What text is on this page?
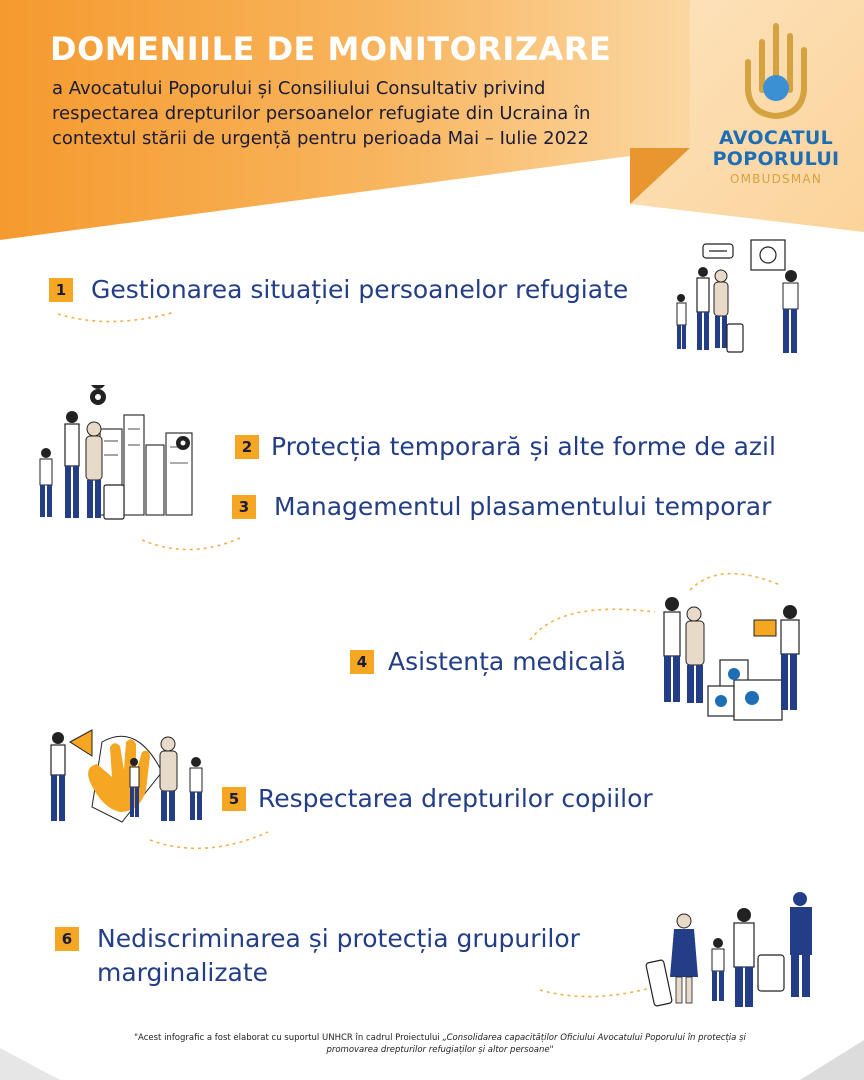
DOMENIILE DE MONITORIZARE
a Avocatului Poporului și Consiliului Consultativ privind respectarea drepturilor persoanelor refugiate din Ucraina în contextul stării de urgență pentru perioada Mai – Iulie 2022	AVOCATUL
POPORULUI
OMBUDSMAN
1 Gestionarea situației persoanelor refugiate
2 Protecția temporară și alte forme de azil
3 Managementul plasamentului temporar
4 Asistența medicală
5 Respectarea drepturilor copiilor
6 Nediscriminarea și protecția grupurilor marginalizate
"Acest infografic a fost elaborat cu suportul UNHCR în cadrul Proiectului „Consolidarea capacităților Oficiului Avocatului Poporului în protecția și promovarea drepturilor refugiaților și altor persoane"
